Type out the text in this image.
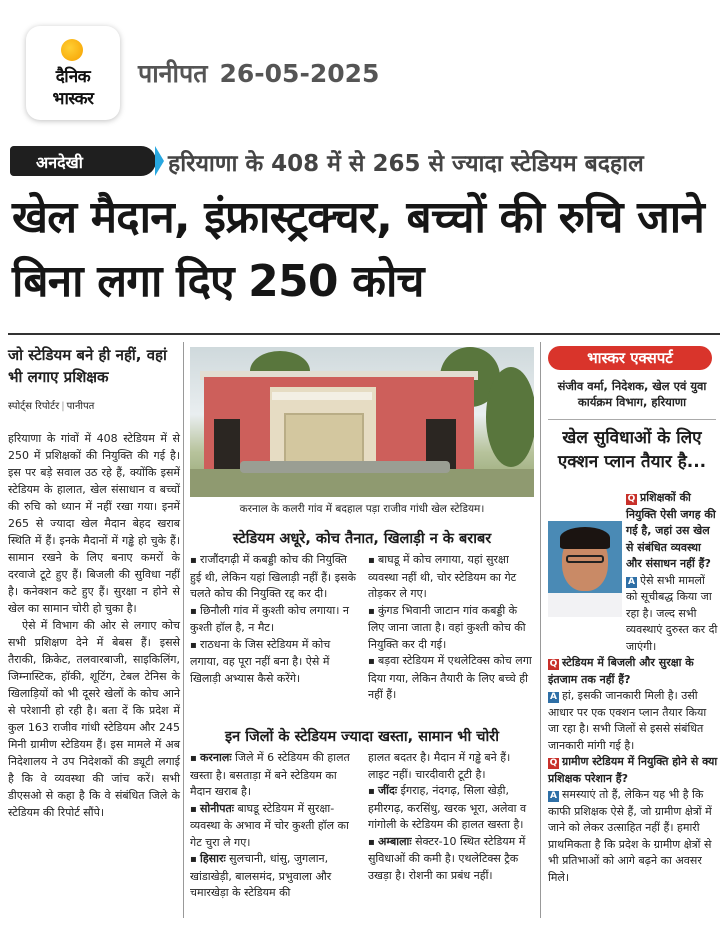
दैनिक
भास्कर
पानीपत 26-05-2025
अनदेखी	हरियाणा के 408 में से 265 से ज्यादा स्टेडियम बदहाल
खेल मैदान, इंफ्रास्ट्रक्चर, बच्चों की रुचि जाने बिना लगा दिए 250 कोच
जो स्टेडियम बने ही नहीं, वहां भी लगाए प्रशिक्षक
स्पोर्ट्स रिपोर्टर | पानीपत

हरियाणा के गांवों में 408 स्टेडियम में से 250 में प्रशिक्षकों की नियुक्ति की गई है। इस पर बड़े सवाल उठ रहे हैं, क्योंकि इसमें स्टेडियम के हालात, खेल संसाधान व बच्चों की रुचि को ध्यान में नहीं रखा गया। इनमें 265 से ज्यादा खेल मैदान बेहद खराब स्थिति में हैं। इनके मैदानों में गड्ढे हो चुके हैं। सामान रखने के लिए बनाए कमरों के दरवाजे टूटे हुए हैं। बिजली की सुविधा नहीं है। कनेक्शन कटे हुए हैं। सुरक्षा न होने से खेल का सामान चोरी हो चुका है।

ऐसे में विभाग की ओर से लगाए कोच सभी प्रशिक्षण देने में बेबस हैं। इससे तैराकी, क्रिकेट, तलवारबाजी, साइकिलिंग, जिम्नास्टिक, हॉकी, शूटिंग, टेबल टेनिस के खिलाड़ियों को भी दूसरे खेलों के कोच आने से परेशानी हो रही है। बता दें कि प्रदेश में कुल 163 राजीव गांधी स्टेडियम और 245 मिनी ग्रामीण स्टेडियम हैं। इस मामले में अब निदेशालय ने उप निदेशकों की ड्यूटी लगाई है कि वे व्यवस्था की जांच करें। सभी डीएसओ से कहा है कि वे संबंधित जिले के स्टेडियम की रिपोर्ट सौंपे।

करनाल के कलरी गांव में बदहाल पड़ा राजीव गांधी खेल स्टेडियम।
स्टेडियम अधूरे, कोच तैनात, खिलाड़ी न के बराबर
▪ राजौंदगढ़ी में कबड्डी कोच की नियुक्ति हुई थी, लेकिन यहां खिलाड़ी नहीं हैं। इसके चलते कोच की नियुक्ति रद्द कर दी।
▪ छिनौली गांव में कुश्ती कोच लगाया। न कुश्ती हॉल है, न मैट।
▪ राठधना के जिस स्टेडियम में कोच लगाया, वह पूरा नहीं बना है। ऐसे में खिलाड़ी अभ्यास कैसे करेंगे।
▪ बाघडू में कोच लगाया, यहां सुरक्षा व्यवस्था नहीं थी, चोर स्टेडियम का गेट तोड़कर ले गए।
▪ कुंगड भिवानी जाटान गांव कबड्डी के लिए जाना जाता है। वहां कुश्ती कोच की नियुक्ति कर दी गई।
▪ बड़वा स्टेडियम में एथलेटिक्स कोच लगा दिया गया, लेकिन तैयारी के लिए बच्चे ही नहीं हैं।
इन जिलों के स्टेडियम ज्यादा खस्ता, सामान भी चोरी
▪ करनालः जिले में 6 स्टेडियम की हालत खस्ता है। बसताड़ा में बने स्टेडियम का मैदान खराब है।
▪ सोनीपतः बाघडू स्टेडियम में सुरक्षा-व्यवस्था के अभाव में चोर कुश्ती हॉल का गेट चुरा ले गए।
▪ हिसारः सुलचानी, धांसु, जुगलान, खांडाखेड़ी, बालसमंद, प्रभुवाला और चमारखेड़ा के स्टेडियम की
हालत बदतर है। मैदान में गड्ढे बने हैं। लाइट नहीं। चारदीवारी टूटी है।
▪ जींदः ईगराह, नंदगढ़, सिला खेड़ी, हमीरगढ़, करसिंधु, खरक भूरा, अलेवा व गांगोली के स्टेडियम की हालत खस्ता है।
▪ अम्बालाः सेक्टर-10 स्थित स्टेडियम में सुविधाओं की कमी है। एथलेटिक्स ट्रैक उखड़ा है। रोशनी का प्रबंध नहीं।
भास्कर एक्सपर्ट
संजीव वर्मा, निदेशक, खेल एवं युवा कार्यक्रम विभाग, हरियाणा
खेल सुविधाओं के लिए एक्शन प्लान तैयार है...
Q प्रशिक्षकों की नियुक्ति ऐसी जगह की गई है, जहां उस खेल से संबंधित व्यवस्था और संसाधन नहीं हैं?
A ऐसे सभी मामलों को सूचीबद्ध किया जा रहा है। जल्द सभी व्यवस्थाएं दुरुस्त कर दी जाएंगी।
Q स्टेडियम में बिजली और सुरक्षा के इंतजाम तक नहीं हैं?
A हां, इसकी जानकारी मिली है। उसी आधार पर एक एक्शन प्लान तैयार किया जा रहा है। सभी जिलों से इससे संबंधित जानकारी मांगी गई है।
Q ग्रामीण स्टेडियम में नियुक्ति होने से क्या प्रशिक्षक परेशान हैं?
A समस्याएं तो हैं, लेकिन यह भी है कि काफी प्रशिक्षक ऐसे हैं, जो ग्रामीण क्षेत्रों में जाने को लेकर उत्साहित नहीं हैं। हमारी प्राथमिकता है कि प्रदेश के ग्रामीण क्षेत्रों से भी प्रतिभाओं को आगे बढ़ने का अवसर मिले।
